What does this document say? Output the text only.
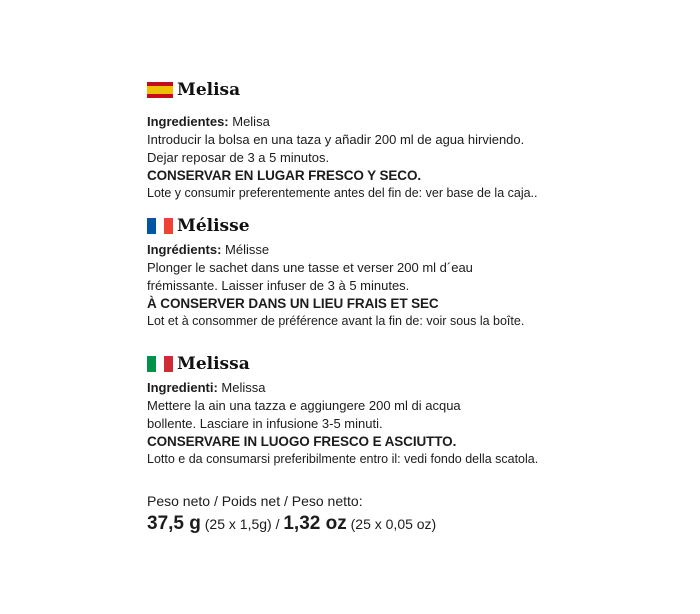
Melisa
Ingredientes: Melisa
Introducir la bolsa en una taza y añadir 200 ml de agua hirviendo.
Dejar reposar de 3 a 5 minutos.
CONSERVAR EN LUGAR FRESCO Y SECO.
Lote y consumir preferentemente antes del fin de: ver base de la caja..
Mélisse
Ingrédients: Mélisse
Plonger le sachet dans une tasse et verser 200 ml d´eau
frémissante. Laisser infuser de 3 à 5 minutes.
À CONSERVER DANS UN LIEU FRAIS ET SEC
Lot et à consommer de préférence avant la fin de: voir sous la boîte.
Melissa
Ingredienti: Melissa
Mettere la ain una tazza e aggiungere 200 ml di acqua
bollente. Lasciare in infusione 3-5 minuti.
CONSERVARE IN LUOGO FRESCO E ASCIUTTO.
Lotto e da consumarsi preferibilmente entro il: vedi fondo della scatola.
Peso neto / Poids net / Peso netto:
37,5 g (25 x 1,5g) / 1,32 oz (25 x 0,05 oz)
